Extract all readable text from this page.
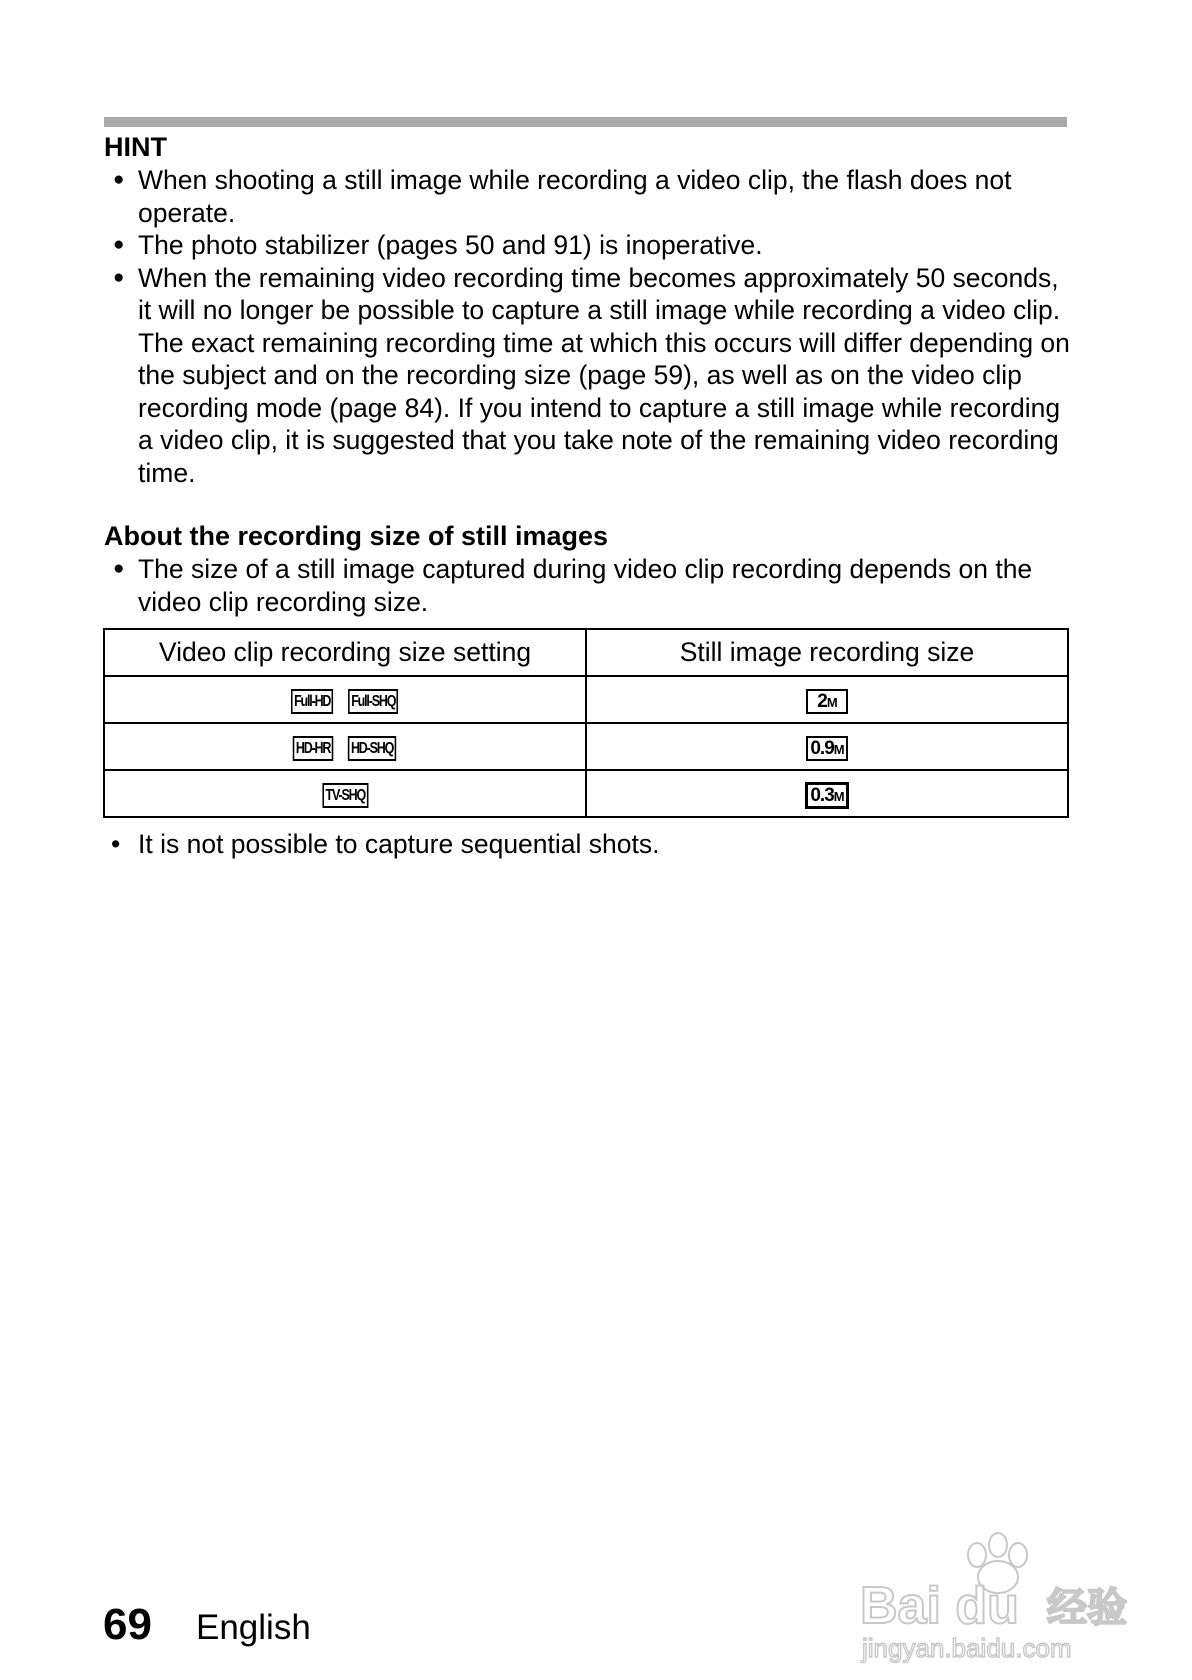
HINT
● When shooting a still image while recording a video clip, the flash does not operate.
● The photo stabilizer (pages 50 and 91) is inoperative.
● When the remaining video recording time becomes approximately 50 seconds, it will no longer be possible to capture a still image while recording a video clip. The exact remaining recording time at which this occurs will differ depending on the subject and on the recording size (page 59), as well as on the video clip recording mode (page 84). If you intend to capture a still image while recording a video clip, it is suggested that you take note of the remaining video recording time.
About the recording size of still images
● The size of a still image captured during video clip recording depends on the video clip recording size.
Video clip recording size setting	Still image recording size
Full-HD Full-SHQ	2M
HD-HR HD-SHQ	0.9M
TV-SHQ	0.3M
• It is not possible to capture sequential shots.
69 English	Bai du 经验
jingyan.baidu.com
